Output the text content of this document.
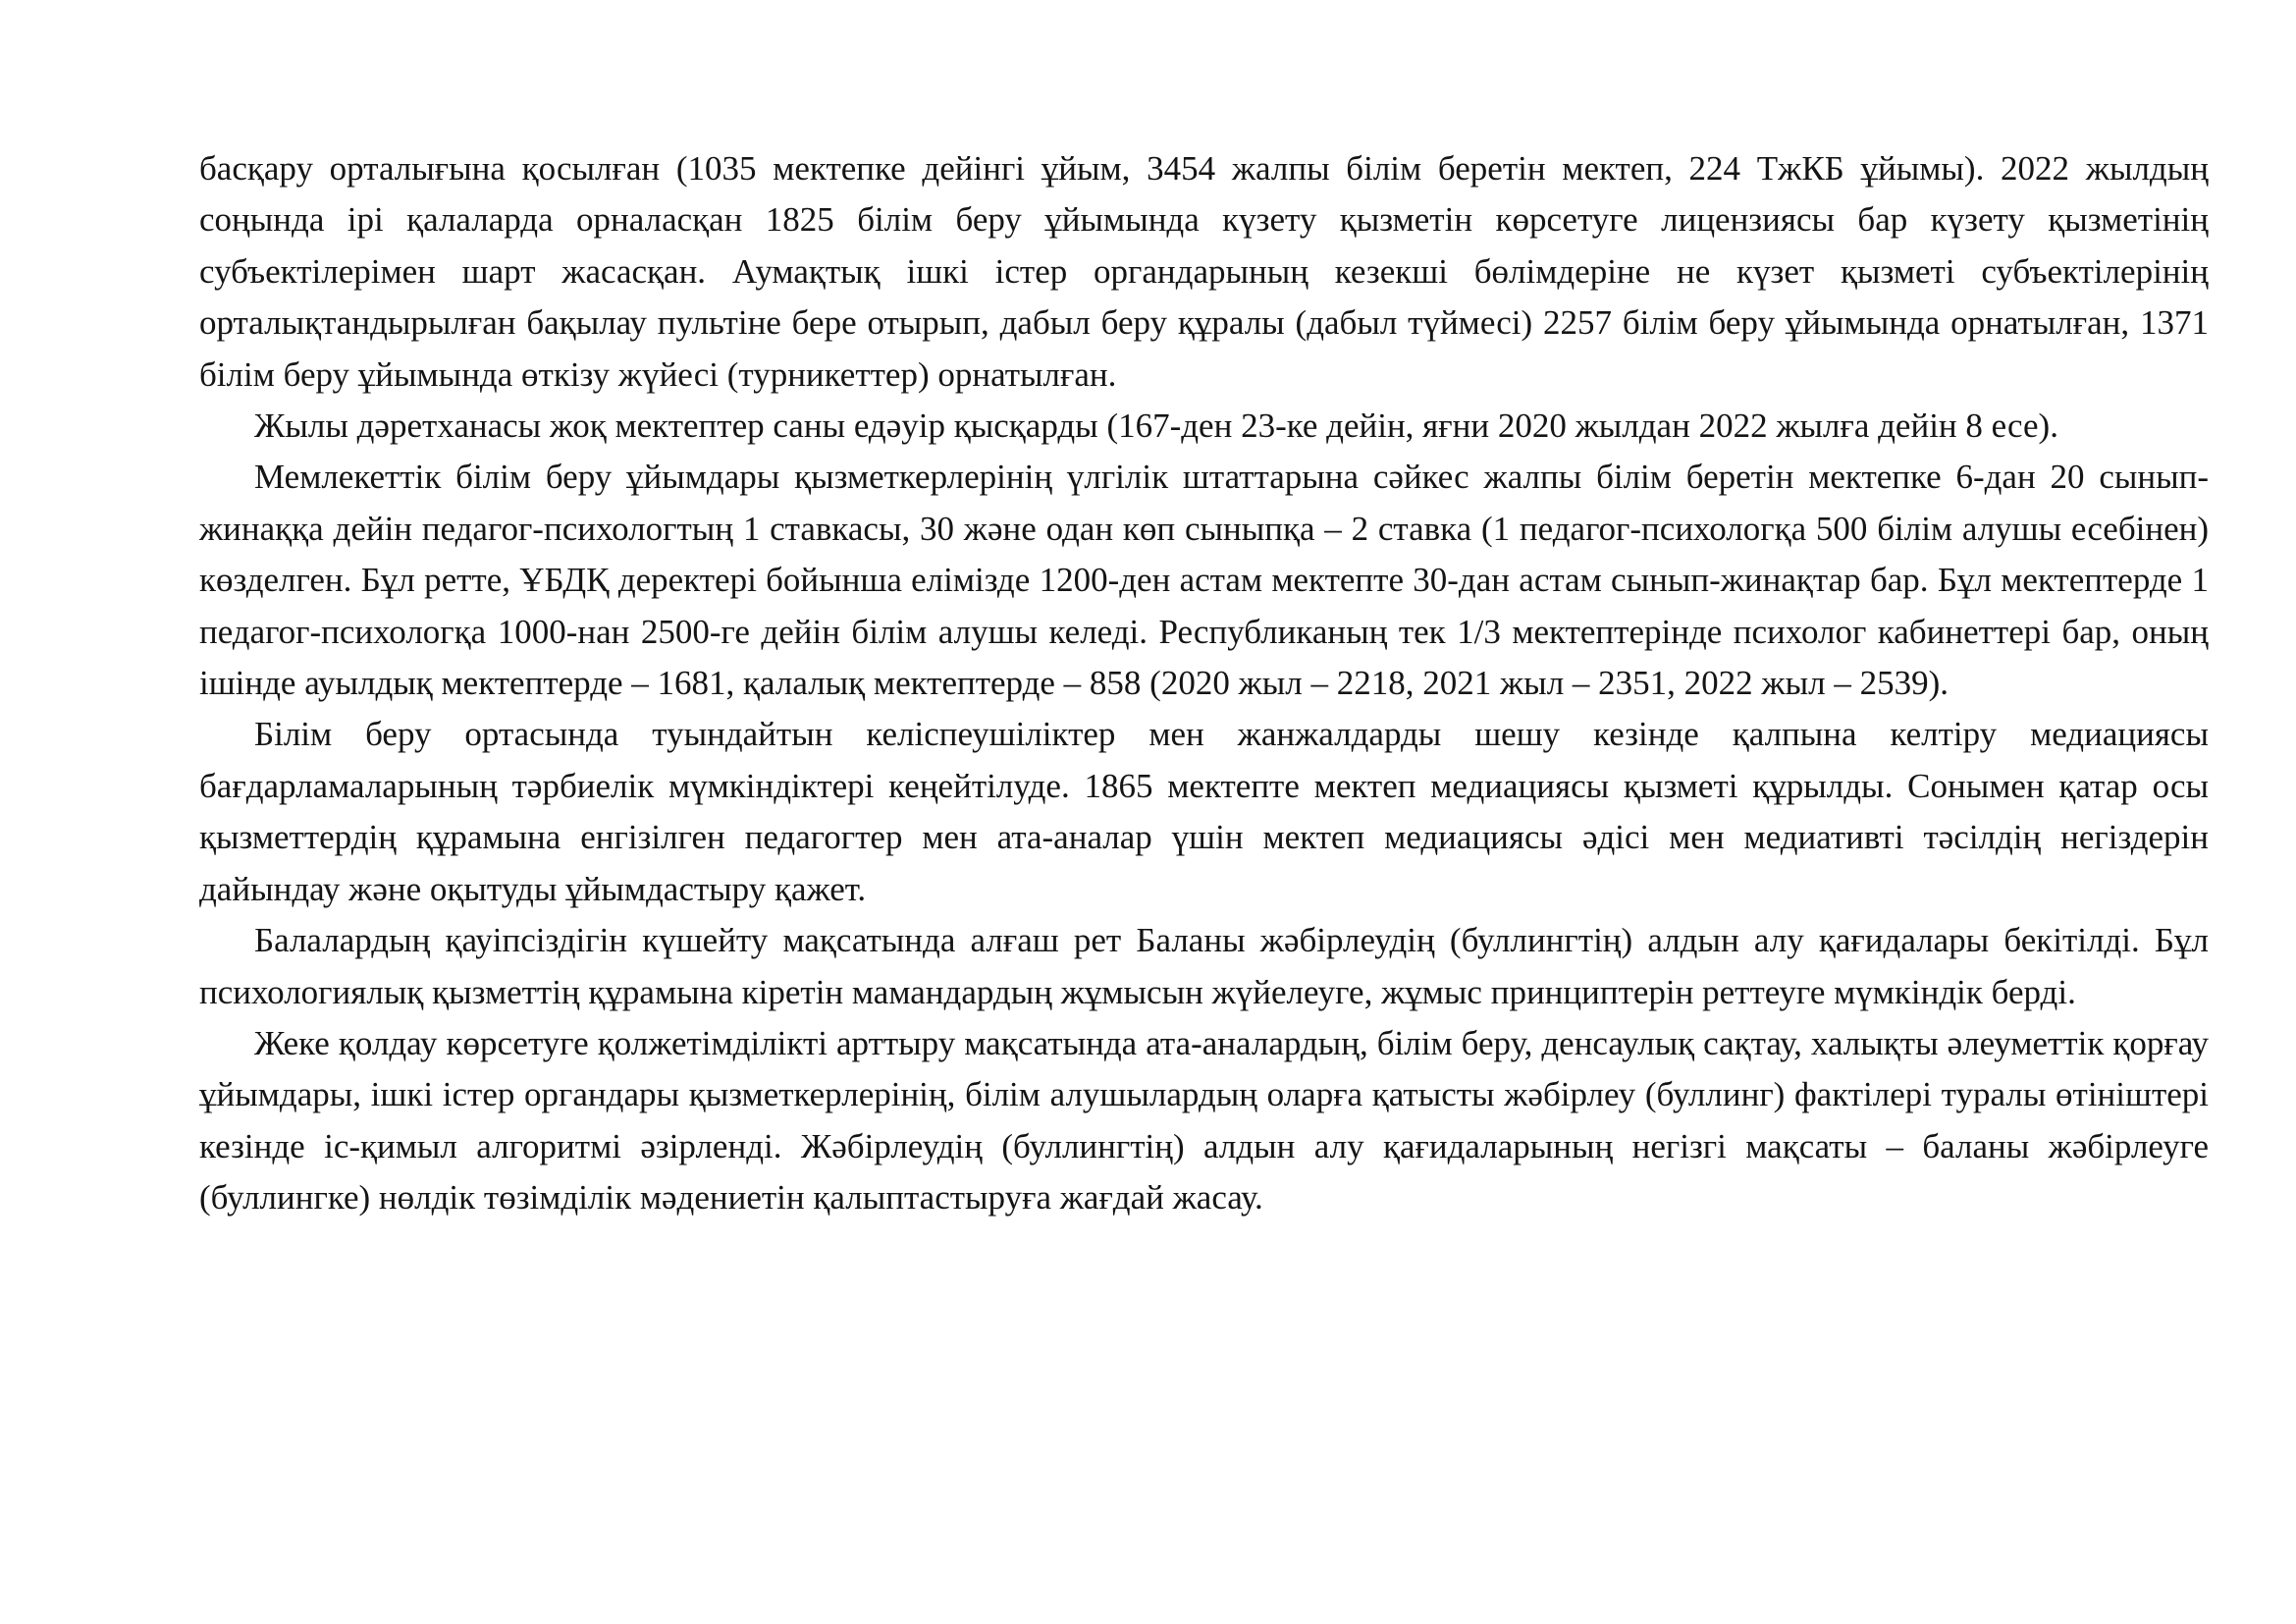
басқару орталығына қосылған (1035 мектепке дейінгі ұйым, 3454 жалпы білім беретін мектеп, 224 ТжКБ ұйымы). 2022 жылдың соңында ірі қалаларда орналасқан 1825 білім беру ұйымында күзету қызметін көрсетуге лицензиясы бар күзету қызметінің субъектілерімен шарт жасасқан. Аумақтық ішкі істер органдарының кезекші бөлімдеріне не күзет қызметі субъектілерінің орталықтандырылған бақылау пультіне бере отырып, дабыл беру құралы (дабыл түймесі) 2257 білім беру ұйымында орнатылған, 1371 білім беру ұйымында өткізу жүйесі (турникеттер) орнатылған.

Жылы дәретханасы жоқ мектептер саны едәуір қысқарды (167-ден 23-ке дейін, яғни 2020 жылдан 2022 жылға дейін 8 есе).

Мемлекеттік білім беру ұйымдары қызметкерлерінің үлгілік штаттарына сәйкес жалпы білім беретін мектепке 6-дан 20 сынып-жинаққа дейін педагог-психологтың 1 ставкасы, 30 және одан көп сыныпқа – 2 ставка (1 педагог-психологқа 500 білім алушы есебінен) көзделген. Бұл ретте, ҰБДҚ деректері бойынша елімізде 1200-ден астам мектепте 30-дан астам сынып-жинақтар бар. Бұл мектептерде 1 педагог-психологқа 1000-нан 2500-ге дейін білім алушы келеді. Республиканың тек 1/3 мектептерінде психолог кабинеттері бар, оның ішінде ауылдық мектептерде – 1681, қалалық мектептерде – 858 (2020 жыл – 2218, 2021 жыл – 2351, 2022 жыл – 2539).

Білім беру ортасында туындайтын келіспеушіліктер мен жанжалдарды шешу кезінде қалпына келтіру медиациясы бағдарламаларының тәрбиелік мүмкіндіктері кеңейтілуде. 1865 мектепте мектеп медиациясы қызметі құрылды. Сонымен қатар осы қызметтердің құрамына енгізілген педагогтер мен ата-аналар үшін мектеп медиациясы әдісі мен медиативті тәсілдің негіздерін дайындау және оқытуды ұйымдастыру қажет.

Балалардың қауіпсіздігін күшейту мақсатында алғаш рет Баланы жәбірлеудің (буллингтің) алдын алу қағидалары бекітілді. Бұл психологиялық қызметтің құрамына кіретін мамандардың жұмысын жүйелеуге, жұмыс принциптерін реттеуге мүмкіндік берді.

Жеке қолдау көрсетуге қолжетімділікті арттыру мақсатында ата-аналардың, білім беру, денсаулық сақтау, халықты әлеуметтік қорғау ұйымдары, ішкі істер органдары қызметкерлерінің, білім алушылардың оларға қатысты жәбірлеу (буллинг) фактілері туралы өтініштері кезінде іс-қимыл алгоритмі әзірленді. Жәбірлеудің (буллингтің) алдын алу қағидаларының негізгі мақсаты – баланы жәбірлеуге (буллингке) нөлдік төзімділік мәдениетін қалыптастыруға жағдай жасау.
